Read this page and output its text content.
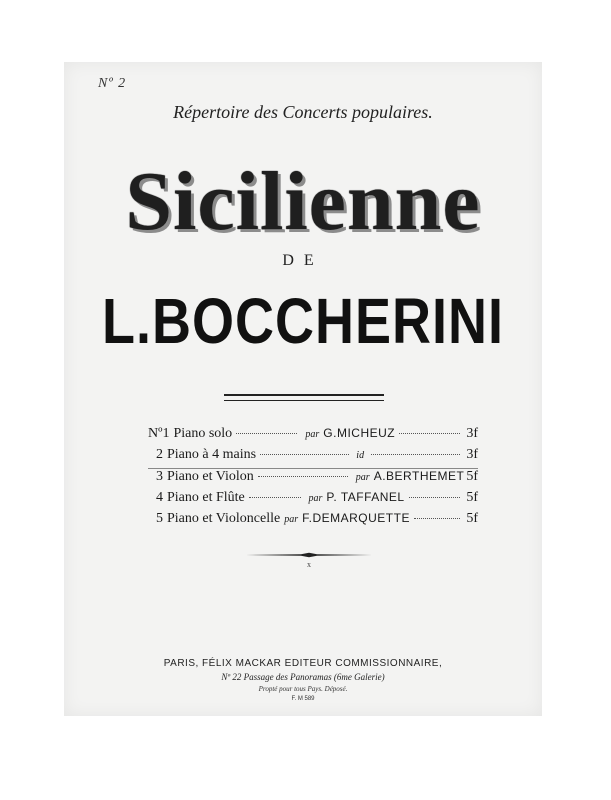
Nº 2
Répertoire des Concerts populaires.
Sicilienne
DE
L.BOCCHERINI
Nº1 Piano solo	par G.MICHEUZ	3f
2 Piano à 4 mains	id	3f
3 Piano et Violon	par A.BERTHEMET 5f
4 Piano et Flûte	par P. TAFFANEL	5f
5 Piano et Violoncelle par F.DEMARQUETTE	5f
x
PARIS, FÉLIX MACKAR EDITEUR COMMISSIONNAIRE,
Nº 22 Passage des Panoramas (6me Galerie)
Propté pour tous Pays. Déposé.
F. M 589
